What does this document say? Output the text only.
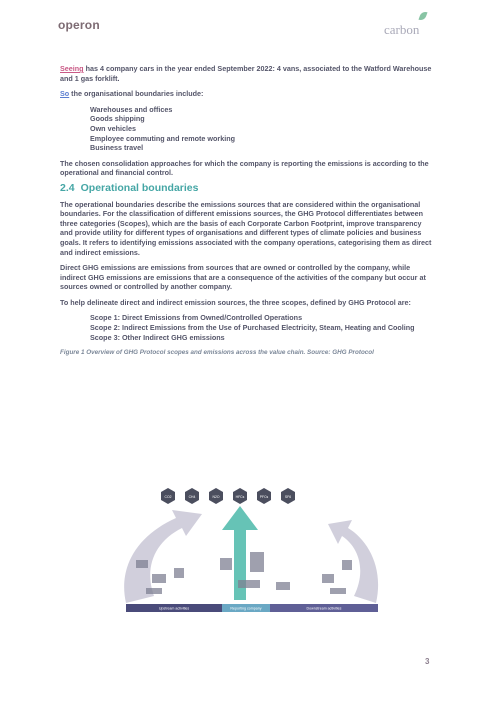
operon	carbon

Seeing has 4 company cars in the year ended September 2022: 4 vans, associated to the Watford Warehouse and 1 gas forklift.

So the organisational boundaries include:

Warehouses and offices
Goods shipping
Own vehicles
Employee commuting and remote working
Business travel

The chosen consolidation approaches for which the company is reporting the emissions is according to the operational and financial control.

2.4 Operational boundaries

The operational boundaries describe the emissions sources that are considered within the organisational boundaries. For the classification of different emissions sources, the GHG Protocol differentiates between three categories (Scopes), which are the basis of each Corporate Carbon Footprint, improve transparency and provide utility for different types of organisations and different types of climate policies and business goals. It refers to identifying emissions associated with the company operations, categorising them as direct and indirect emissions.

Direct GHG emissions are emissions from sources that are owned or controlled by the company, while indirect GHG emissions are emissions that are a consequence of the activities of the company but occur at sources owned or controlled by another company.

To help delineate direct and indirect emission sources, the three scopes, defined by GHG Protocol are:

Scope 1: Direct Emissions from Owned/Controlled Operations
Scope 2: Indirect Emissions from the Use of Purchased Electricity, Steam, Heating and Cooling
Scope 3: Other Indirect GHG emissions

Figure 1 Overview of GHG Protocol scopes and emissions across the value chain. Source: GHG Protocol

CO2	CH4	N2O	HFCs	PFCs	SF6
Upstream activities	Reporting company	Downstream activities
3
